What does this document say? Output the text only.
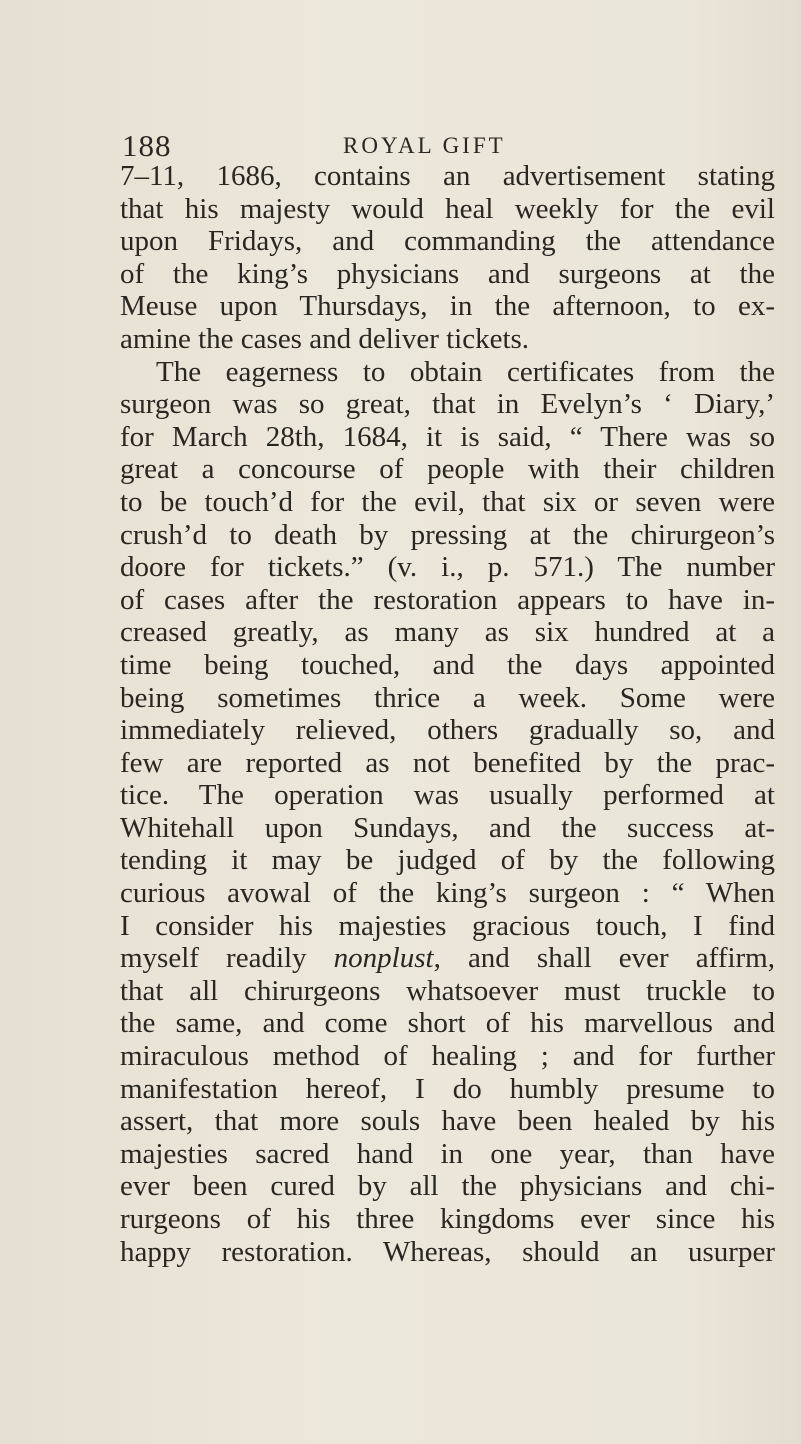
188	ROYAL GIFT
7–11, 1686, contains an advertisement stating
that his majesty would heal weekly for the evil
upon Fridays, and commanding the attendance
of the king’s physicians and surgeons at the
Meuse upon Thursdays, in the afternoon, to ex-
amine the cases and deliver tickets.
The eagerness to obtain certificates from the
surgeon was so great, that in Evelyn’s ‘ Diary,’
for March 28th, 1684, it is said, “ There was so
great a concourse of people with their children
to be touch’d for the evil, that six or seven were
crush’d to death by pressing at the chirurgeon’s
doore for tickets.” (v. i., p. 571.) The number
of cases after the restoration appears to have in-
creased greatly, as many as six hundred at a
time being touched, and the days appointed
being sometimes thrice a week. Some were
immediately relieved, others gradually so, and
few are reported as not benefited by the prac-
tice. The operation was usually performed at
Whitehall upon Sundays, and the success at-
tending it may be judged of by the following
curious avowal of the king’s surgeon : “ When
I consider his majesties gracious touch, I find
myself readily nonplust, and shall ever affirm,
that all chirurgeons whatsoever must truckle to
the same, and come short of his marvellous and
miraculous method of healing ; and for further
manifestation hereof, I do humbly presume to
assert, that more souls have been healed by his
majesties sacred hand in one year, than have
ever been cured by all the physicians and chi-
rurgeons of his three kingdoms ever since his
happy restoration. Whereas, should an usurper
